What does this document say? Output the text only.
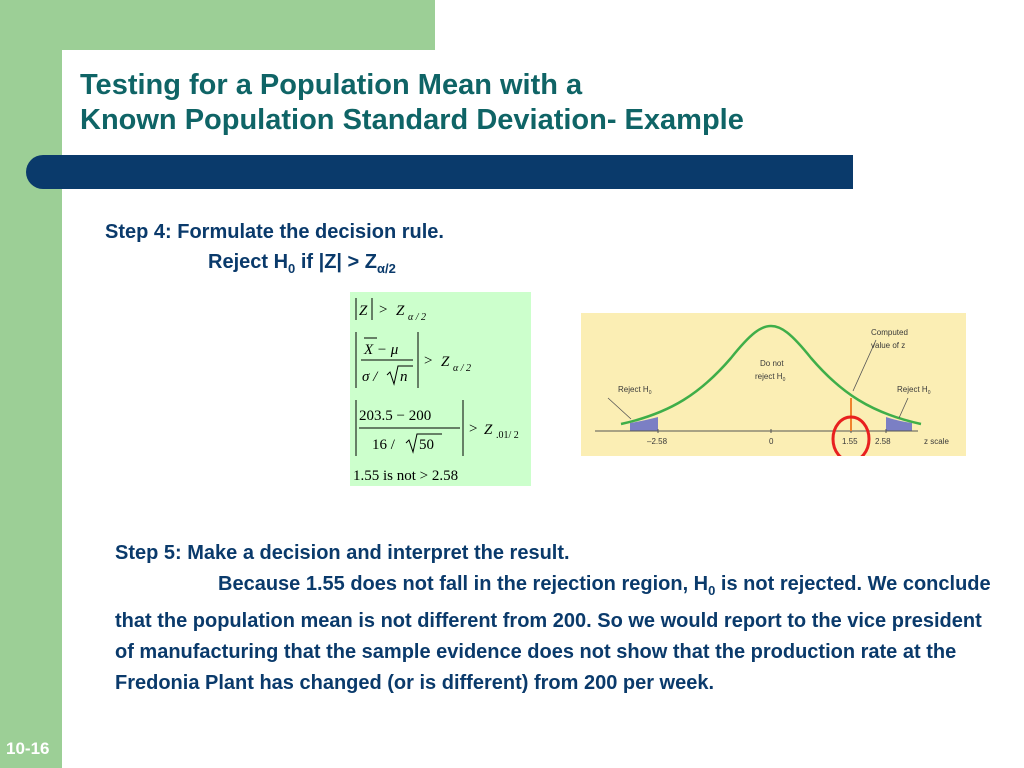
Testing for a Population Mean with a
Known Population Standard Deviation- Example
Step 4: Formulate the decision rule.
Reject $H_0$ if $|Z| > Z_{\alpha/2}$
Z > Z α / 2
X − μ
σ / n
> Z α / 2
203.5 − 200
16 / 50
> Z .01/ 2
1.55 is not > 2.58
Reject $H_0$	Reject $H_0$
Do not
reject $H_0$
Computed
value of z
–2.58	0	1.55 2.58	z scale
Step 5: Make a decision and interpret the result.
Because 1.55 does not fall in the rejection region, $H_0$ is not rejected. We conclude that the population mean is not different from 200. So we would report to the vice president of manufacturing that the sample evidence does not show that the production rate at the Fredonia Plant has changed (or is different) from 200 per week.
10-16
